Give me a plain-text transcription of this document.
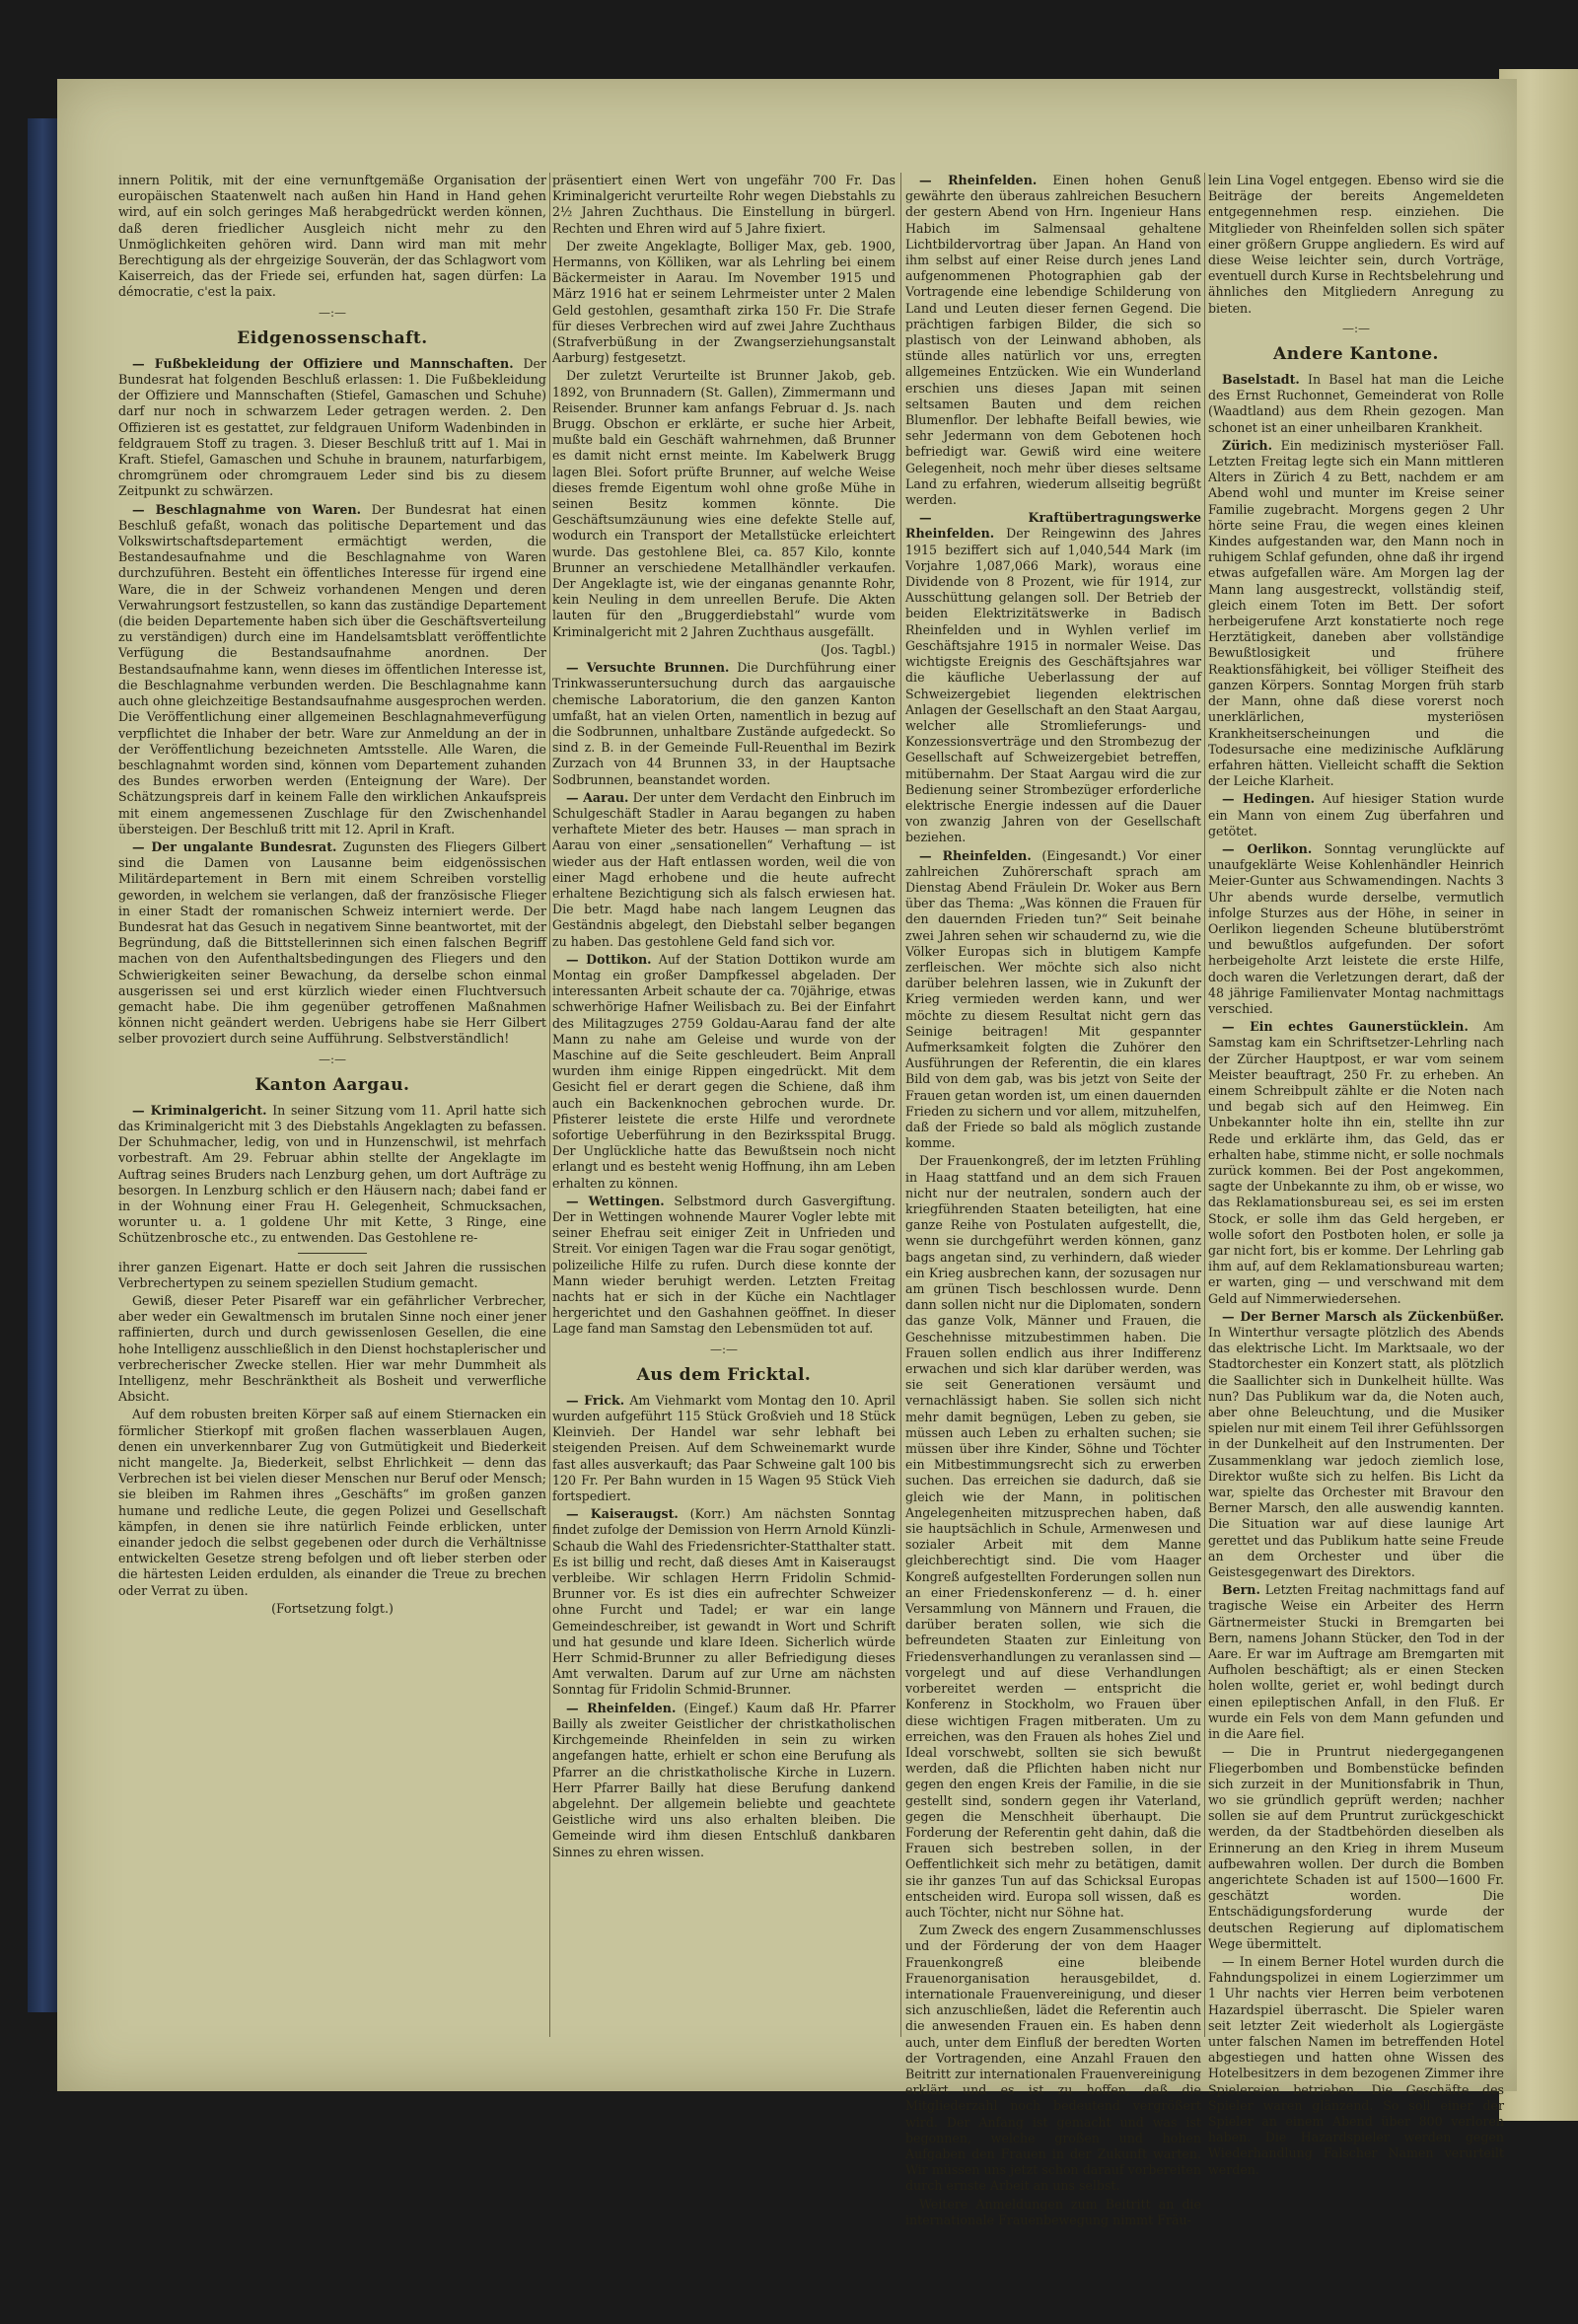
innern Politik, mit der eine vernunftgemäße Organisation der europäischen Staatenwelt nach außen hin Hand in Hand gehen wird, auf ein solch geringes Maß herabgedrückt werden können, daß deren friedlicher Ausgleich nicht mehr zu den Unmöglichkeiten gehören wird. Dann wird man mit mehr Berechtigung als der ehrgeizige Souverän, der das Schlagwort vom Kaiserreich, das der Friede sei, erfunden hat, sagen dürfen: La démocratie, c'est la paix.

—:—
Eidgenossenschaft.

— Fußbekleidung der Offiziere und Mannschaften. Der Bundesrat hat folgenden Beschluß erlassen: 1. Die Fußbekleidung der Offiziere und Mannschaften (Stiefel, Gamaschen und Schuhe) darf nur noch in schwarzem Leder getragen werden. 2. Den Offizieren ist es gestattet, zur feldgrauen Uniform Wadenbinden in feldgrauem Stoff zu tragen. 3. Dieser Beschluß tritt auf 1. Mai in Kraft. Stiefel, Gamaschen und Schuhe in braunem, naturfarbigem, chromgrünem oder chromgrauem Leder sind bis zu diesem Zeitpunkt zu schwärzen.

— Beschlagnahme von Waren. Der Bundesrat hat einen Beschluß gefaßt, wonach das politische Departement und das Volkswirtschaftsdepartement ermächtigt werden, die Bestandesaufnahme und die Beschlagnahme von Waren durchzuführen. Besteht ein öffentliches Interesse für irgend eine Ware, die in der Schweiz vorhandenen Mengen und deren Verwahrungsort festzustellen, so kann das zuständige Departement (die beiden Departemente haben sich über die Geschäftsverteilung zu verständigen) durch eine im Handelsamtsblatt veröffentlichte Verfügung die Bestandsaufnahme anordnen. Der Bestandsaufnahme kann, wenn dieses im öffentlichen Interesse ist, die Beschlagnahme verbunden werden. Die Beschlagnahme kann auch ohne gleichzeitige Bestandsaufnahme ausgesprochen werden. Die Veröffentlichung einer allgemeinen Beschlagnahmeverfügung verpflichtet die Inhaber der betr. Ware zur Anmeldung an der in der Veröffentlichung bezeichneten Amtsstelle. Alle Waren, die beschlagnahmt worden sind, können vom Departement zuhanden des Bundes erworben werden (Enteignung der Ware). Der Schätzungspreis darf in keinem Falle den wirklichen Ankaufspreis mit einem angemessenen Zuschlage für den Zwischenhandel übersteigen. Der Beschluß tritt mit 12. April in Kraft.

— Der ungalante Bundesrat. Zugunsten des Fliegers Gilbert sind die Damen von Lausanne beim eidgenössischen Militärdepartement in Bern mit einem Schreiben vorstellig geworden, in welchem sie verlangen, daß der französische Flieger in einer Stadt der romanischen Schweiz interniert werde. Der Bundesrat hat das Gesuch in negativem Sinne beantwortet, mit der Begründung, daß die Bittstellerinnen sich einen falschen Begriff machen von den Aufenthaltsbedingungen des Fliegers und den Schwierigkeiten seiner Bewachung, da derselbe schon einmal ausgerissen sei und erst kürzlich wieder einen Fluchtversuch gemacht habe. Die ihm gegenüber getroffenen Maßnahmen können nicht geändert werden. Uebrigens habe sie Herr Gilbert selber provoziert durch seine Aufführung. Selbstverständlich!

—:—
Kanton Aargau.

— Kriminalgericht. In seiner Sitzung vom 11. April hatte sich das Kriminalgericht mit 3 des Diebstahls Angeklagten zu befassen. Der Schuhmacher, ledig, von und in Hunzenschwil, ist mehrfach vorbestraft. Am 29. Februar abhin stellte der Angeklagte im Auftrag seines Bruders nach Lenzburg gehen, um dort Aufträge zu besorgen. In Lenzburg schlich er den Häusern nach; dabei fand er in der Wohnung einer Frau H. Gelegenheit, Schmucksachen, worunter u. a. 1 goldene Uhr mit Kette, 3 Ringe, eine Schützenbrosche etc., zu entwenden. Das Gestohlene re-

ihrer ganzen Eigenart. Hatte er doch seit Jahren die russischen Verbrechertypen zu seinem speziellen Studium gemacht.

Gewiß, dieser Peter Pisareff war ein gefährlicher Verbrecher, aber weder ein Gewaltmensch im brutalen Sinne noch einer jener raffinierten, durch und durch gewissenlosen Gesellen, die eine hohe Intelligenz ausschließlich in den Dienst hochstaplerischer und verbrecherischer Zwecke stellen. Hier war mehr Dummheit als Intelligenz, mehr Beschränktheit als Bosheit und verwerfliche Absicht.

Auf dem robusten breiten Körper saß auf einem Stiernacken ein förmlicher Stierkopf mit großen flachen wasserblauen Augen, denen ein unverkennbarer Zug von Gutmütigkeit und Biederkeit nicht mangelte. Ja, Biederkeit, selbst Ehrlichkeit — denn das Verbrechen ist bei vielen dieser Menschen nur Beruf oder Mensch; sie bleiben im Rahmen ihres „Geschäfts“ im großen ganzen humane und redliche Leute, die gegen Polizei und Gesellschaft kämpfen, in denen sie ihre natürlich Feinde erblicken, unter einander jedoch die selbst gegebenen oder durch die Verhältnisse entwickelten Gesetze streng befolgen und oft lieber sterben oder die härtesten Leiden erdulden, als einander die Treue zu brechen oder Verrat zu üben.

(Fortsetzung folgt.)

präsentiert einen Wert von ungefähr 700 Fr. Das Kriminalgericht verurteilte Rohr wegen Diebstahls zu 2½ Jahren Zuchthaus. Die Einstellung in bürgerl. Rechten und Ehren wird auf 5 Jahre fixiert.

Der zweite Angeklagte, Bolliger Max, geb. 1900, Hermanns, von Kölliken, war als Lehrling bei einem Bäckermeister in Aarau. Im November 1915 und März 1916 hat er seinem Lehrmeister unter 2 Malen Geld gestohlen, gesamthaft zirka 150 Fr. Die Strafe für dieses Verbrechen wird auf zwei Jahre Zuchthaus (Strafverbüßung in der Zwangserziehungsanstalt Aarburg) festgesetzt.

Der zuletzt Verurteilte ist Brunner Jakob, geb. 1892, von Brunnadern (St. Gallen), Zimmermann und Reisender. Brunner kam anfangs Februar d. Js. nach Brugg. Obschon er erklärte, er suche hier Arbeit, mußte bald ein Geschäft wahrnehmen, daß Brunner es damit nicht ernst meinte. Im Kabelwerk Brugg lagen Blei. Sofort prüfte Brunner, auf welche Weise dieses fremde Eigentum wohl ohne große Mühe in seinen Besitz kommen könnte. Die Geschäftsumzäunung wies eine defekte Stelle auf, wodurch ein Transport der Metallstücke erleichtert wurde. Das gestohlene Blei, ca. 857 Kilo, konnte Brunner an verschiedene Metallhändler verkaufen. Der Angeklagte ist, wie der einganas genannte Rohr, kein Neuling in dem unreellen Berufe. Die Akten lauten für den „Bruggerdiebstahl“ wurde vom Kriminalgericht mit 2 Jahren Zuchthaus ausgefällt.

(Jos. Tagbl.)

— Versuchte Brunnen. Die Durchführung einer Trinkwasseruntersuchung durch das aargauische chemische Laboratorium, die den ganzen Kanton umfaßt, hat an vielen Orten, namentlich in bezug auf die Sodbrunnen, unhaltbare Zustände aufgedeckt. So sind z. B. in der Gemeinde Full-Reuenthal im Bezirk Zurzach von 44 Brunnen 33, in der Hauptsache Sodbrunnen, beanstandet worden.

— Aarau. Der unter dem Verdacht den Einbruch im Schulgeschäft Stadler in Aarau begangen zu haben verhaftete Mieter des betr. Hauses — man sprach in Aarau von einer „sensationellen“ Verhaftung — ist wieder aus der Haft entlassen worden, weil die von einer Magd erhobene und die heute aufrecht erhaltene Bezichtigung sich als falsch erwiesen hat. Die betr. Magd habe nach langem Leugnen das Geständnis abgelegt, den Diebstahl selber begangen zu haben. Das gestohlene Geld fand sich vor.

— Dottikon. Auf der Station Dottikon wurde am Montag ein großer Dampfkessel abgeladen. Der interessanten Arbeit schaute der ca. 70jährige, etwas schwerhörige Hafner Weilisbach zu. Bei der Einfahrt des Militagzuges 2759 Goldau-Aarau fand der alte Mann zu nahe am Geleise und wurde von der Maschine auf die Seite geschleudert. Beim Anprall wurden ihm einige Rippen eingedrückt. Mit dem Gesicht fiel er derart gegen die Schiene, daß ihm auch ein Backenknochen gebrochen wurde. Dr. Pfisterer leistete die erste Hilfe und verordnete sofortige Ueberführung in den Bezirksspital Brugg. Der Unglückliche hatte das Bewußtsein noch nicht erlangt und es besteht wenig Hoffnung, ihn am Leben erhalten zu können.

— Wettingen. Selbstmord durch Gasvergiftung. Der in Wettingen wohnende Maurer Vogler lebte mit seiner Ehefrau seit einiger Zeit in Unfrieden und Streit. Vor einigen Tagen war die Frau sogar genötigt, polizeiliche Hilfe zu rufen. Durch diese konnte der Mann wieder beruhigt werden. Letzten Freitag nachts hat er sich in der Küche ein Nachtlager hergerichtet und den Gashahnen geöffnet. In dieser Lage fand man Samstag den Lebensmüden tot auf.

—:—
Aus dem Fricktal.

— Frick. Am Viehmarkt vom Montag den 10. April wurden aufgeführt 115 Stück Großvieh und 18 Stück Kleinvieh. Der Handel war sehr lebhaft bei steigenden Preisen. Auf dem Schweinemarkt wurde fast alles ausverkauft; das Paar Schweine galt 100 bis 120 Fr. Per Bahn wurden in 15 Wagen 95 Stück Vieh fortspediert.

— Kaiseraugst. (Korr.) Am nächsten Sonntag findet zufolge der Demission von Herrn Arnold Künzli-Schaub die Wahl des Friedensrichter-Statthalter statt. Es ist billig und recht, daß dieses Amt in Kaiseraugst verbleibe. Wir schlagen Herrn Fridolin Schmid-Brunner vor. Es ist dies ein aufrechter Schweizer ohne Furcht und Tadel; er war ein lange Gemeindeschreiber, ist gewandt in Wort und Schrift und hat gesunde und klare Ideen. Sicherlich würde Herr Schmid-Brunner zu aller Befriedigung dieses Amt verwalten. Darum auf zur Urne am nächsten Sonntag für Fridolin Schmid-Brunner.

— Rheinfelden. (Eingef.) Kaum daß Hr. Pfarrer Bailly als zweiter Geistlicher der christkatholischen Kirchgemeinde Rheinfelden in sein zu wirken angefangen hatte, erhielt er schon eine Berufung als Pfarrer an die christkatholische Kirche in Luzern. Herr Pfarrer Bailly hat diese Berufung dankend abgelehnt. Der allgemein beliebte und geachtete Geistliche wird uns also erhalten bleiben. Die Gemeinde wird ihm diesen Entschluß dankbaren Sinnes zu ehren wissen.

— Rheinfelden. Einen hohen Genuß gewährte den überaus zahlreichen Besuchern der gestern Abend von Hrn. Ingenieur Hans Habich im Salmensaal gehaltene Lichtbildervortrag über Japan. An Hand von ihm selbst auf einer Reise durch jenes Land aufgenommenen Photographien gab der Vortragende eine lebendige Schilderung von Land und Leuten dieser fernen Gegend. Die prächtigen farbigen Bilder, die sich so plastisch von der Leinwand abhoben, als stünde alles natürlich vor uns, erregten allgemeines Entzücken. Wie ein Wunderland erschien uns dieses Japan mit seinen seltsamen Bauten und dem reichen Blumenflor. Der lebhafte Beifall bewies, wie sehr Jedermann von dem Gebotenen hoch befriedigt war. Gewiß wird eine weitere Gelegenheit, noch mehr über dieses seltsame Land zu erfahren, wiederum allseitig begrüßt werden.

— Kraftübertragungswerke Rheinfelden. Der Reingewinn des Jahres 1915 beziffert sich auf 1,040,544 Mark (im Vorjahre 1,087,066 Mark), woraus eine Dividende von 8 Prozent, wie für 1914, zur Ausschüttung gelangen soll. Der Betrieb der beiden Elektrizitätswerke in Badisch Rheinfelden und in Wyhlen verlief im Geschäftsjahre 1915 in normaler Weise. Das wichtigste Ereignis des Geschäftsjahres war die käufliche Ueberlassung der auf Schweizergebiet liegenden elektrischen Anlagen der Gesellschaft an den Staat Aargau, welcher alle Stromlieferungs- und Konzessionsverträge und den Strombezug der Gesellschaft auf Schweizergebiet betreffen, mitübernahm. Der Staat Aargau wird die zur Bedienung seiner Strombezüger erforderliche elektrische Energie indessen auf die Dauer von zwanzig Jahren von der Gesellschaft beziehen.

— Rheinfelden. (Eingesandt.) Vor einer zahlreichen Zuhörerschaft sprach am Dienstag Abend Fräulein Dr. Woker aus Bern über das Thema: „Was können die Frauen für den dauernden Frieden tun?“ Seit beinahe zwei Jahren sehen wir schaudernd zu, wie die Völker Europas sich in blutigem Kampfe zerfleischen. Wer möchte sich also nicht darüber belehren lassen, wie in Zukunft der Krieg vermieden werden kann, und wer möchte zu diesem Resultat nicht gern das Seinige beitragen! Mit gespannter Aufmerksamkeit folgten die Zuhörer den Ausführungen der Referentin, die ein klares Bild von dem gab, was bis jetzt von Seite der Frauen getan worden ist, um einen dauernden Frieden zu sichern und vor allem, mitzuhelfen, daß der Friede so bald als möglich zustande komme.

Der Frauenkongreß, der im letzten Frühling in Haag stattfand und an dem sich Frauen nicht nur der neutralen, sondern auch der kriegführenden Staaten beteiligten, hat eine ganze Reihe von Postulaten aufgestellt, die, wenn sie durchgeführt werden können, ganz bags angetan sind, zu verhindern, daß wieder ein Krieg ausbrechen kann, der sozusagen nur am grünen Tisch beschlossen wurde. Denn dann sollen nicht nur die Diplomaten, sondern das ganze Volk, Männer und Frauen, die Geschehnisse mitzubestimmen haben. Die Frauen sollen endlich aus ihrer Indifferenz erwachen und sich klar darüber werden, was sie seit Generationen versäumt und vernachlässigt haben. Sie sollen sich nicht mehr damit begnügen, Leben zu geben, sie müssen auch Leben zu erhalten suchen; sie müssen über ihre Kinder, Söhne und Töchter ein Mitbestimmungsrecht sich zu erwerben suchen. Das erreichen sie dadurch, daß sie gleich wie der Mann, in politischen Angelegenheiten mitzusprechen haben, daß sie hauptsächlich in Schule, Armenwesen und sozialer Arbeit mit dem Manne gleichberechtigt sind. Die vom Haager Kongreß aufgestellten Forderungen sollen nun an einer Friedenskonferenz — d. h. einer Versammlung von Männern und Frauen, die darüber beraten sollen, wie sich die befreundeten Staaten zur Einleitung von Friedensverhandlungen zu veranlassen sind — vorgelegt und auf diese Verhandlungen vorbereitet werden — entspricht die Konferenz in Stockholm, wo Frauen über diese wichtigen Fragen mitberaten. Um zu erreichen, was den Frauen als hohes Ziel und Ideal vorschwebt, sollten sie sich bewußt werden, daß die Pflichten haben nicht nur gegen den engen Kreis der Familie, in die sie gestellt sind, sondern gegen ihr Vaterland, gegen die Menschheit überhaupt. Die Forderung der Referentin geht dahin, daß die Frauen sich bestreben sollen, in der Oeffentlichkeit sich mehr zu betätigen, damit sie ihr ganzes Tun auf das Schicksal Europas entscheiden wird. Europa soll wissen, daß es auch Töchter, nicht nur Söhne hat.

Zum Zweck des engern Zusammenschlusses und der Förderung der von dem Haager Frauenkongreß eine bleibende Frauenorganisation herausgebildet, d. internationale Frauenvereinigung, und dieser sich anzuschließen, lädet die Referentin auch die anwesenden Frauen ein. Es haben denn auch, unter dem Einfluß der beredten Worten der Vortragenden, eine Anzahl Frauen den Beitritt zur internationalen Frauenvereinigung erklärt und es ist zu hoffen, daß die Mitgliederzahl noch bedeutend vergrößert wird. Der Anfang ist gemacht und was ist begonnen, welche großen und hohen Aufgaben den Frauen in der Zukunft warten. Wir müssen uns jetzt schon darauf vorbereiten durch ernste Arbeit an uns selbst.

Weitere Anmeldungen zum Beitritt an die internationale Frauenbewegung nimmt Fräu-

lein Lina Vogel entgegen. Ebenso wird sie die Beiträge der bereits Angemeldeten entgegennehmen resp. einziehen. Die Mitglieder von Rheinfelden sollen sich später einer größern Gruppe angliedern. Es wird auf diese Weise leichter sein, durch Vorträge, eventuell durch Kurse in Rechtsbelehrung und ähnliches den Mitgliedern Anregung zu bieten.

—:—
Andere Kantone.

Baselstadt. In Basel hat man die Leiche des Ernst Ruchonnet, Gemeinderat von Rolle (Waadtland) aus dem Rhein gezogen. Man schonet ist an einer unheilbaren Krankheit.

Zürich. Ein medizinisch mysteriöser Fall. Letzten Freitag legte sich ein Mann mittleren Alters in Zürich 4 zu Bett, nachdem er am Abend wohl und munter im Kreise seiner Familie zugebracht. Morgens gegen 2 Uhr hörte seine Frau, die wegen eines kleinen Kindes aufgestanden war, den Mann noch in ruhigem Schlaf gefunden, ohne daß ihr irgend etwas aufgefallen wäre. Am Morgen lag der Mann lang ausgestreckt, vollständig steif, gleich einem Toten im Bett. Der sofort herbeigerufene Arzt konstatierte noch rege Herztätigkeit, daneben aber vollständige Bewußtlosigkeit und frühere Reaktionsfähigkeit, bei völliger Steifheit des ganzen Körpers. Sonntag Morgen früh starb der Mann, ohne daß diese vorerst noch unerklärlichen, mysteriösen Krankheitserscheinungen und die Todesursache eine medizinische Aufklärung erfahren hätten. Vielleicht schafft die Sektion der Leiche Klarheit.

— Hedingen. Auf hiesiger Station wurde ein Mann von einem Zug überfahren und getötet.

— Oerlikon. Sonntag verunglückte auf unaufgeklärte Weise Kohlenhändler Heinrich Meier-Gunter aus Schwamendingen. Nachts 3 Uhr abends wurde derselbe, vermutlich infolge Sturzes aus der Höhe, in seiner in Oerlikon liegenden Scheune blutüberströmt und bewußtlos aufgefunden. Der sofort herbeigeholte Arzt leistete die erste Hilfe, doch waren die Verletzungen derart, daß der 48 jährige Familienvater Montag nachmittags verschied.

— Ein echtes Gaunerstücklein. Am Samstag kam ein Schriftsetzer-Lehrling nach der Zürcher Hauptpost, er war vom seinem Meister beauftragt, 250 Fr. zu erheben. An einem Schreibpult zählte er die Noten nach und begab sich auf den Heimweg. Ein Unbekannter holte ihn ein, stellte ihn zur Rede und erklärte ihm, das Geld, das er erhalten habe, stimme nicht, er solle nochmals zurück kommen. Bei der Post angekommen, sagte der Unbekannte zu ihm, ob er wisse, wo das Reklamationsbureau sei, es sei im ersten Stock, er solle ihm das Geld hergeben, er wolle sofort den Postboten holen, er solle ja gar nicht fort, bis er komme. Der Lehrling gab ihm auf, auf dem Reklamationsbureau warten; er warten, ging — und verschwand mit dem Geld auf Nimmerwiedersehen.

— Der Berner Marsch als Zückenbüßer. In Winterthur versagte plötzlich des Abends das elektrische Licht. Im Marktsaale, wo der Stadtorchester ein Konzert statt, als plötzlich die Saallichter sich in Dunkelheit hüllte. Was nun? Das Publikum war da, die Noten auch, aber ohne Beleuchtung, und die Musiker spielen nur mit einem Teil ihrer Gefühlssorgen in der Dunkelheit auf den Instrumenten. Der Zusammenklang war jedoch ziemlich lose, Direktor wußte sich zu helfen. Bis Licht da war, spielte das Orchester mit Bravour den Berner Marsch, den alle auswendig kannten. Die Situation war auf diese launige Art gerettet und das Publikum hatte seine Freude an dem Orchester und über die Geistesgegenwart des Direktors.

Bern. Letzten Freitag nachmittags fand auf tragische Weise ein Arbeiter des Herrn Gärtnermeister Stucki in Bremgarten bei Bern, namens Johann Stücker, den Tod in der Aare. Er war im Auftrage am Bremgarten mit Aufholen beschäftigt; als er einen Stecken holen wollte, geriet er, wohl bedingt durch einen epileptischen Anfall, in den Fluß. Er wurde ein Fels von dem Mann gefunden und in die Aare fiel.

— Die in Pruntrut niedergegangenen Fliegerbomben und Bombenstücke befinden sich zurzeit in der Munitionsfabrik in Thun, wo sie gründlich geprüft werden; nachher sollen sie auf dem Pruntrut zurückgeschickt werden, da der Stadtbehörden dieselben als Erinnerung an den Krieg in ihrem Museum aufbewahren wollen. Der durch die Bomben angerichtete Schaden ist auf 1500—1600 Fr. geschätzt worden. Die Entschädigungsforderung wurde der deutschen Regierung auf diplomatischem Wege übermittelt.

— In einem Berner Hotel wurden durch die Fahndungspolizei in einem Logierzimmer um 1 Uhr nachts vier Herren beim verbotenen Hazardspiel überrascht. Die Spieler waren seit letzter Zeit wiederholt als Logiergäste unter falschen Namen im betreffenden Hotel abgestiegen und hatten ohne Wissen des Hotelbesitzers in dem bezogenen Zimmer ihre Spielereien betrieben. Die Geschäfte des Spieler waren glänzend. So soll einer der Spieler an einem Abend über 800 verloren haben. Die Hazardspieler werden gegen Wiederhandlung Falscher Namen verurteilt werden.
